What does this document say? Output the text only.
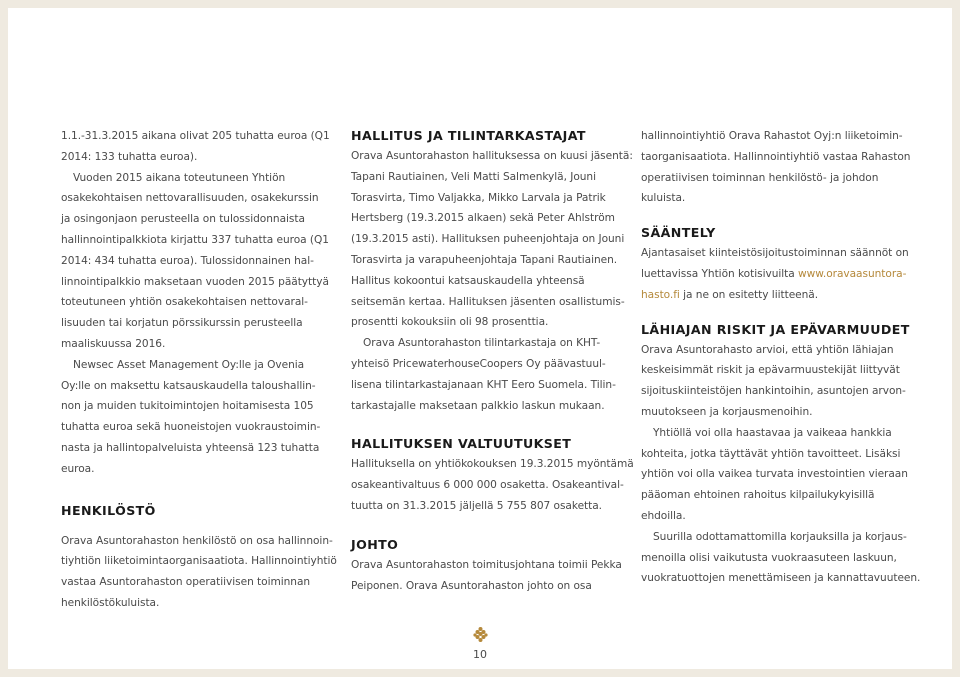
1.1.-31.3.2015 aikana olivat 205 tuhatta euroa (Q1
2014: 133 tuhatta euroa).
Vuoden 2015 aikana toteutuneen Yhtiön
osakekohtaisen nettovarallisuuden, osakekurssin
ja osingonjaon perusteella on tulossidonnaista
hallinnointipalkkiota kirjattu 337 tuhatta euroa (Q1
2014: 434 tuhatta euroa). Tulossidonnainen hal-
linnointipalkkio maksetaan vuoden 2015 päätyttyä
toteutuneen yhtiön osakekohtaisen nettovaral-
lisuuden tai korjatun pörssikurssin perusteella
maaliskuussa 2016.
Newsec Asset Management Oy:lle ja Ovenia
Oy:lle on maksettu katsauskaudella taloushallin-
non ja muiden tukitoimintojen hoitamisesta 105
tuhatta euroa sekä huoneistojen vuokraustoimin-
nasta ja hallintopalveluista yhteensä 123 tuhatta
euroa.
HENKILÖSTÖ
Orava Asuntorahaston henkilöstö on osa hallinnoin-
tiyhtiön liiketoimintaorganisaatiota. Hallinnointiyhtiö
vastaa Asuntorahaston operatiivisen toiminnan
henkilöstökuluista.
HALLITUS JA TILINTARKASTAJAT
Orava Asuntorahaston hallituksessa on kuusi jäsentä:
Tapani Rautiainen, Veli Matti Salmenkylä, Jouni
Torasvirta, Timo Valjakka, Mikko Larvala ja Patrik
Hertsberg (19.3.2015 alkaen) sekä Peter Ahlström
(19.3.2015 asti). Hallituksen puheenjohtaja on Jouni
Torasvirta ja varapuheenjohtaja Tapani Rautiainen.
Hallitus kokoontui katsauskaudella yhteensä
seitsemän kertaa. Hallituksen jäsenten osallistumis-
prosentti kokouksiin oli 98 prosenttia.
Orava Asuntorahaston tilintarkastaja on KHT-
yhteisö PricewaterhouseCoopers Oy päävastuul-
lisena tilintarkastajanaan KHT Eero Suomela. Tilin-
tarkastajalle maksetaan palkkio laskun mukaan.
HALLITUKSEN VALTUUTUKSET
Hallituksella on yhtiökokouksen 19.3.2015 myöntämä
osakeantivaltuus 6 000 000 osaketta. Osakeantival-
tuutta on 31.3.2015 jäljellä 5 755 807 osaketta.
JOHTO
Orava Asuntorahaston toimitusjohtana toimii Pekka
Peiponen. Orava Asuntorahaston johto on osa
hallinnointiyhtiö Orava Rahastot Oyj:n liiketoimin-
taorganisaatiota. Hallinnointiyhtiö vastaa Rahaston
operatiivisen toiminnan henkilöstö- ja johdon
kuluista.
SÄÄNTELY
Ajantasaiset kiinteistösijoitustoiminnan säännöt on
luettavissa Yhtiön kotisivuilta www.oravaasuntora-
hasto.fi ja ne on esitetty liitteenä.
LÄHIAJAN RISKIT JA EPÄVARMUUDET
Orava Asuntorahasto arvioi, että yhtiön lähiajan
keskeisimmät riskit ja epävarmuustekijät liittyvät
sijoituskiinteistöjen hankintoihin, asuntojen arvon-
muutokseen ja korjausmenoihin.
Yhtiöllä voi olla haastavaa ja vaikeaa hankkia
kohteita, jotka täyttävät yhtiön tavoitteet. Lisäksi
yhtiön voi olla vaikea turvata investointien vieraan
pääoman ehtoinen rahoitus kilpailukykyisillä
ehdoilla.
Suurilla odottamattomilla korjauksilla ja korjaus-
menoilla olisi vaikutusta vuokraasuteen laskuun,
vuokratuottojen menettämiseen ja kannattavuuteen.
10
